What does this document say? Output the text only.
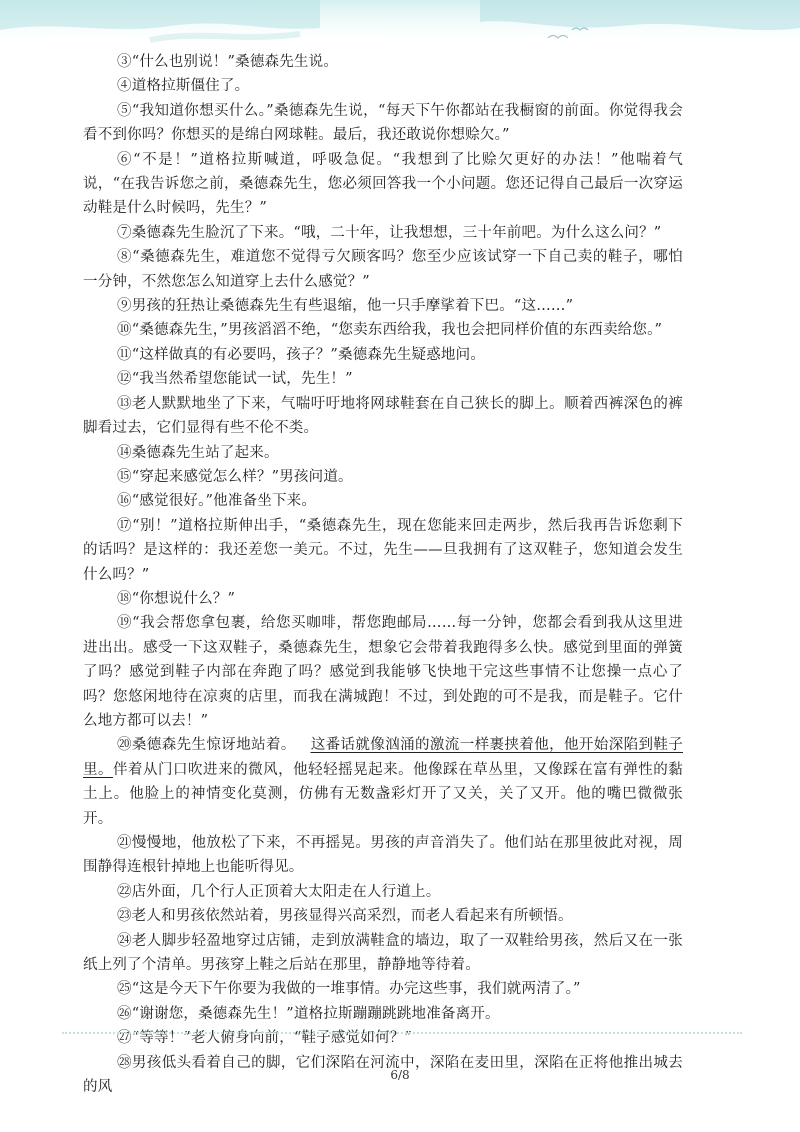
③“什么也别说！”桑德森先生说。

④道格拉斯僵住了。

⑤“我知道你想买什么。”桑德森先生说，“每天下午你都站在我橱窗的前面。你觉得我会看不到你吗？你想买的是绵白网球鞋。最后，我还敢说你想赊欠。”

⑥“不是！”道格拉斯喊道，呼吸急促。“我想到了比赊欠更好的办法！”他喘着气说，“在我告诉您之前，桑德森先生，您必须回答我一个小问题。您还记得自己最后一次穿运动鞋是什么时候吗，先生？”

⑦桑德森先生脸沉了下来。“哦，二十年，让我想想，三十年前吧。为什么这么问？”

⑧“桑德森先生，难道您不觉得亏欠顾客吗？您至少应该试穿一下自己卖的鞋子，哪怕一分钟，不然您怎么知道穿上去什么感觉？”

⑨男孩的狂热让桑德森先生有些退缩，他一只手摩挲着下巴。“这……”

⑩“桑德森先生，”男孩滔滔不绝，“您卖东西给我，我也会把同样价值的东西卖给您。”

⑪“这样做真的有必要吗，孩子？”桑德森先生疑惑地问。

⑫“我当然希望您能试一试，先生！”

⑬老人默默地坐了下来，气喘吁吁地将网球鞋套在自己狭长的脚上。顺着西裤深色的裤脚看过去，它们显得有些不伦不类。

⑭桑德森先生站了起来。

⑮“穿起来感觉怎么样？”男孩问道。

⑯“感觉很好。”他准备坐下来。

⑰“别！”道格拉斯伸出手，“桑德森先生，现在您能来回走两步，然后我再告诉您剩下的话吗？是这样的：我还差您一美元。不过，先生——旦我拥有了这双鞋子，您知道会发生什么吗？”

⑱“你想说什么？”

⑲“我会帮您拿包裹，给您买咖啡，帮您跑邮局……每一分钟，您都会看到我从这里进进出出。感受一下这双鞋子，桑德森先生，想象它会带着我跑得多么快。感觉到里面的弹簧了吗？感觉到鞋子内部在奔跑了吗？感觉到我能够飞快地干完这些事情不让您操一点心了吗？您悠闲地待在凉爽的店里，而我在满城跑！不过，到处跑的可不是我，而是鞋子。它什么地方都可以去！”

⑳桑德森先生惊讶地站着。  这番话就像汹涌的激流一样裹挟着他，他开始深陷到鞋子里。伴着从门口吹进来的微风，他轻轻摇晃起来。他像踩在草丛里，又像踩在富有弹性的黏土上。他脸上的神情变化莫测，仿佛有无数盏彩灯开了又关，关了又开。他的嘴巴微微张开。

㉑慢慢地，他放松了下来，不再摇晃。男孩的声音消失了。他们站在那里彼此对视，周围静得连根针掉地上也能听得见。

㉒店外面，几个行人正顶着大太阳走在人行道上。

㉓老人和男孩依然站着，男孩显得兴高采烈，而老人看起来有所顿悟。

㉔老人脚步轻盈地穿过店铺，走到放满鞋盒的墙边，取了一双鞋给男孩，然后又在一张纸上列了个清单。男孩穿上鞋之后站在那里，静静地等待着。

㉕“这是今天下午你要为我做的一堆事情。办完这些事，我们就两清了。”

㉖“谢谢您，桑德森先生！”道格拉斯蹦蹦跳跳地准备离开。

㉗“等等！”老人俯身向前，“鞋子感觉如何？”

㉘男孩低头看着自己的脚，它们深陷在河流中，深陷在麦田里，深陷在正将他推出城去的风

6/8
